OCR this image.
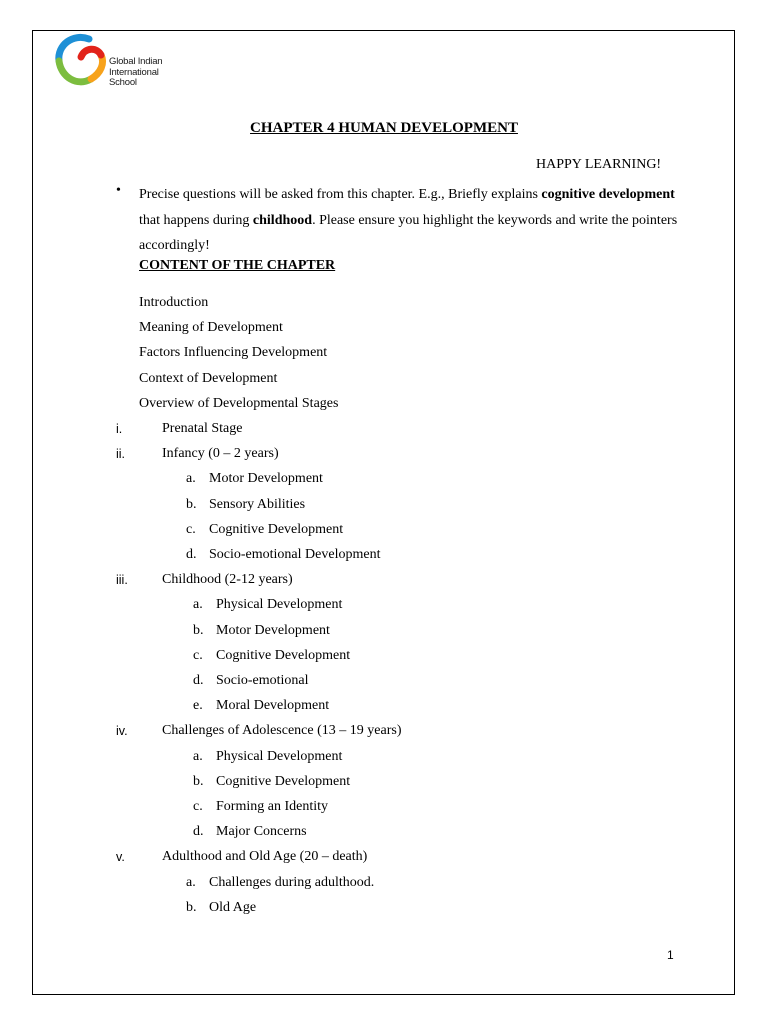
Global Indian
International
School
CHAPTER 4 HUMAN DEVELOPMENT
HAPPY LEARNING!
• Precise questions will be asked from this chapter. E.g., Briefly explains cognitive development that happens during childhood. Please ensure you highlight the keywords and write the pointers accordingly!
CONTENT OF THE CHAPTER
Introduction
Meaning of Development
Factors Influencing Development
Context of Development
Overview of Developmental Stages
i.	Prenatal Stage
ii.	Infancy (0 – 2 years)
a. Motor Development
b. Sensory Abilities
c. Cognitive Development
d. Socio-emotional Development
iii. Childhood (2-12 years)
a. Physical Development
b. Motor Development
c. Cognitive Development
d. Socio-emotional
e. Moral Development
iv. Challenges of Adolescence (13 – 19 years)
a. Physical Development
b. Cognitive Development
c. Forming an Identity
d. Major Concerns
v.	Adulthood and Old Age (20 – death)
a. Challenges during adulthood.
b. Old Age
1
